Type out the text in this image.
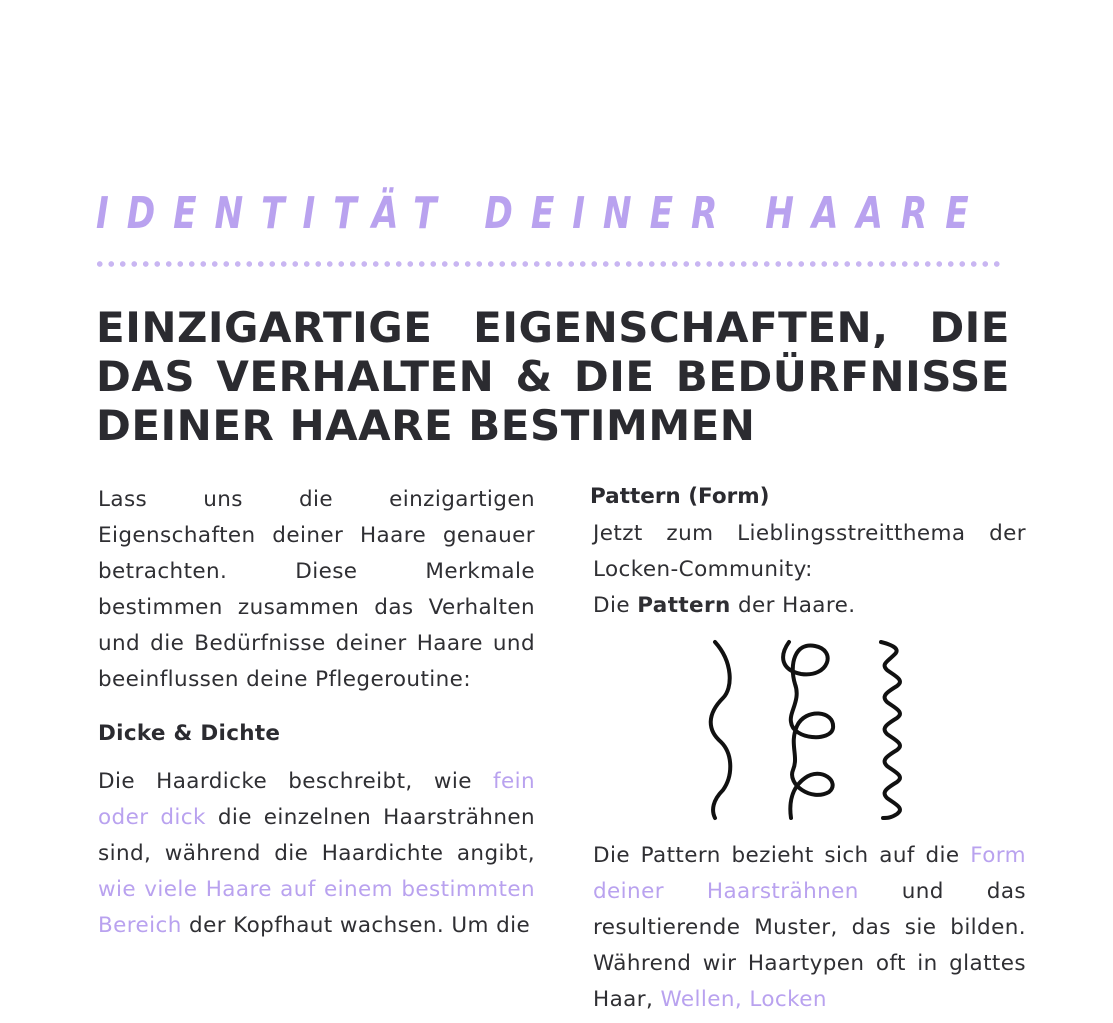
IDENTITÄT DEINER HAARE
EINZIGARTIGE EIGENSCHAFTEN, DIE DAS VERHALTEN & DIE BEDÜRFNISSE DEINER HAARE BESTIMMEN

Lass uns die einzigartigen Eigenschaften deiner Haare genauer betrachten. Diese Merkmale bestimmen zusammen das Verhalten und die Bedürfnisse deiner Haare und beeinflussen deine Pflegeroutine:

Dicke & Dichte

Die Haardicke beschreibt, wie fein oder dick die einzelnen Haarsträhnen sind, während die Haardichte angibt, wie viele Haare auf einem bestimmten Bereich der Kopfhaut wachsen. Um die

Pattern (Form)

Jetzt zum Lieblingsstreitthema der Locken-Community:

Die Pattern der Haare.

Die Pattern bezieht sich auf die Form deiner Haarsträhnen und das resultierende Muster, das sie bilden. Während wir Haartypen oft in glattes Haar, Wellen, Locken
